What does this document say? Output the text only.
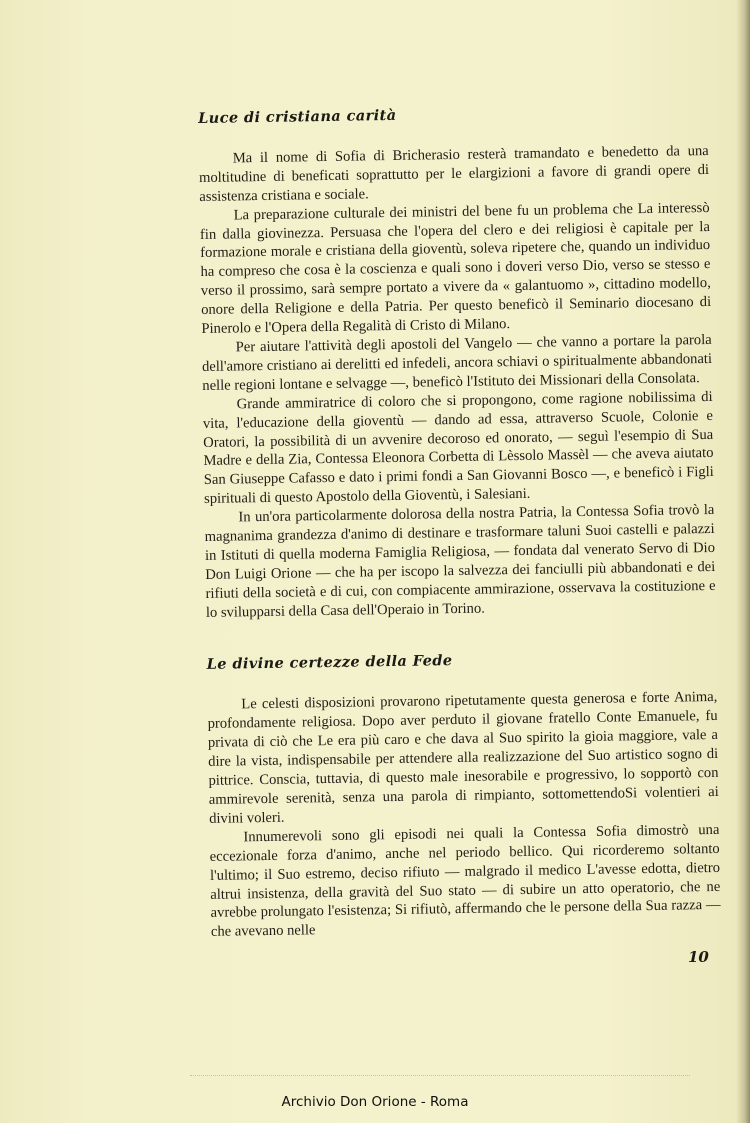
Luce di cristiana carità

Ma il nome di Sofia di Bricherasio resterà tramandato e benedetto da una moltitudine di beneficati soprattutto per le elargizioni a favore di grandi opere di assistenza cristiana e sociale.

La preparazione culturale dei ministri del bene fu un problema che La interessò fin dalla giovinezza. Persuasa che l'opera del clero e dei religiosi è capitale per la formazione morale e cristiana della gioventù, soleva ripetere che, quando un individuo ha compreso che cosa è la coscienza e quali sono i doveri verso Dio, verso se stesso e verso il prossimo, sarà sempre portato a vivere da « galantuomo », cittadino modello, onore della Religione e della Patria. Per questo beneficò il Seminario diocesano di Pinerolo e l'Opera della Regalità di Cristo di Milano.

Per aiutare l'attività degli apostoli del Vangelo — che vanno a portare la parola dell'amore cristiano ai derelitti ed infedeli, ancora schiavi o spiritualmente abbandonati nelle regioni lontane e selvagge —, beneficò l'Istituto dei Missionari della Consolata.

Grande ammiratrice di coloro che si propongono, come ragione nobilissima di vita, l'educazione della gioventù — dando ad essa, attraverso Scuole, Colonie e Oratori, la possibilità di un avvenire decoroso ed onorato, — seguì l'esempio di Sua Madre e della Zia, Contessa Eleonora Corbetta di Lèssolo Massèl — che aveva aiutato San Giuseppe Cafasso e dato i primi fondi a San Giovanni Bosco —, e beneficò i Figli spirituali di questo Apostolo della Gioventù, i Salesiani.

In un'ora particolarmente dolorosa della nostra Patria, la Contessa Sofia trovò la magnanima grandezza d'animo di destinare e trasformare taluni Suoi castelli e palazzi in Istituti di quella moderna Famiglia Religiosa, — fondata dal venerato Servo di Dio Don Luigi Orione — che ha per iscopo la salvezza dei fanciulli più abbandonati e dei rifiuti della società e di cui, con compiacente ammirazione, osservava la costituzione e lo svilupparsi della Casa dell'Operaio in Torino.

Le divine certezze della Fede

Le celesti disposizioni provarono ripetutamente questa generosa e forte Anima, profondamente religiosa. Dopo aver perduto il giovane fratello Conte Emanuele, fu privata di ciò che Le era più caro e che dava al Suo spirito la gioia maggiore, vale a dire la vista, indispensabile per attendere alla realizzazione del Suo artistico sogno di pittrice. Conscia, tuttavia, di questo male inesorabile e progressivo, lo sopportò con ammirevole serenità, senza una parola di rimpianto, sottomettendoSi volentieri ai divini voleri.

Innumerevoli sono gli episodi nei quali la Contessa Sofia dimostrò una eccezionale forza d'animo, anche nel periodo bellico. Qui ricorderemo soltanto l'ultimo; il Suo estremo, deciso rifiuto — malgrado il medico L'avesse edotta, dietro altrui insistenza, della gravità del Suo stato — di subire un atto operatorio, che ne avrebbe prolungato l'esistenza; Si rifiutò, affermando che le persone della Sua razza — che avevano nelle

10
Archivio Don Orione - Roma
